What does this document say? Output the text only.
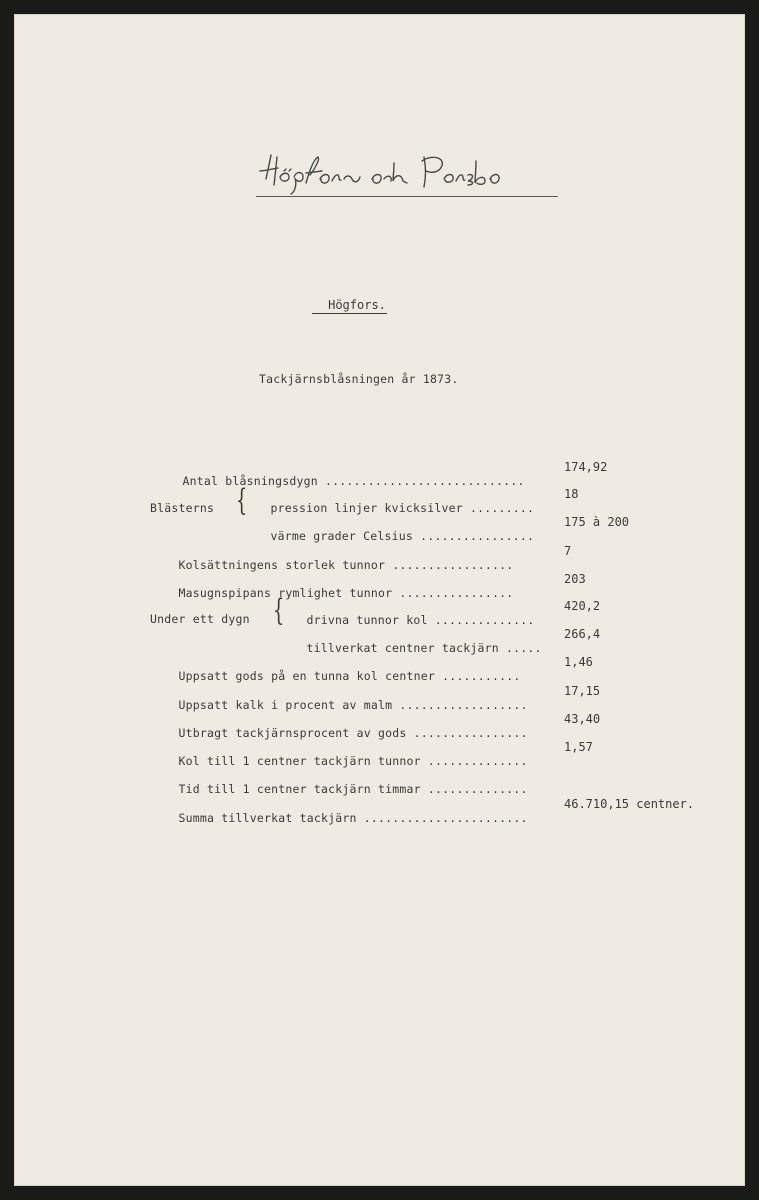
Högfors.
Tackjärnsblåsningen år 1873.

Antal blåsningsdygn ............................

174,92
Blästerns {	pression linjer kvicksilver .........

18

värme grader Celsius ................

175 à 200

Kolsättningens storlek tunnor .................

7

Masugnspipans rymlighet tunnor ................

203
Under ett dygn {	drivna tunnor kol ..............

420,2

tillverkat centner tackjärn .....

266,4

Uppsatt gods på en tunna kol centner ...........

1,46

Uppsatt kalk i procent av malm ..................

17,15

Utbragt tackjärnsprocent av gods ................

43,40

Kol till 1 centner tackjärn tunnor ..............

1,57

Tid till 1 centner tackjärn timmar ..............

Summa tillverkat tackjärn .......................

46.710,15 centner.
